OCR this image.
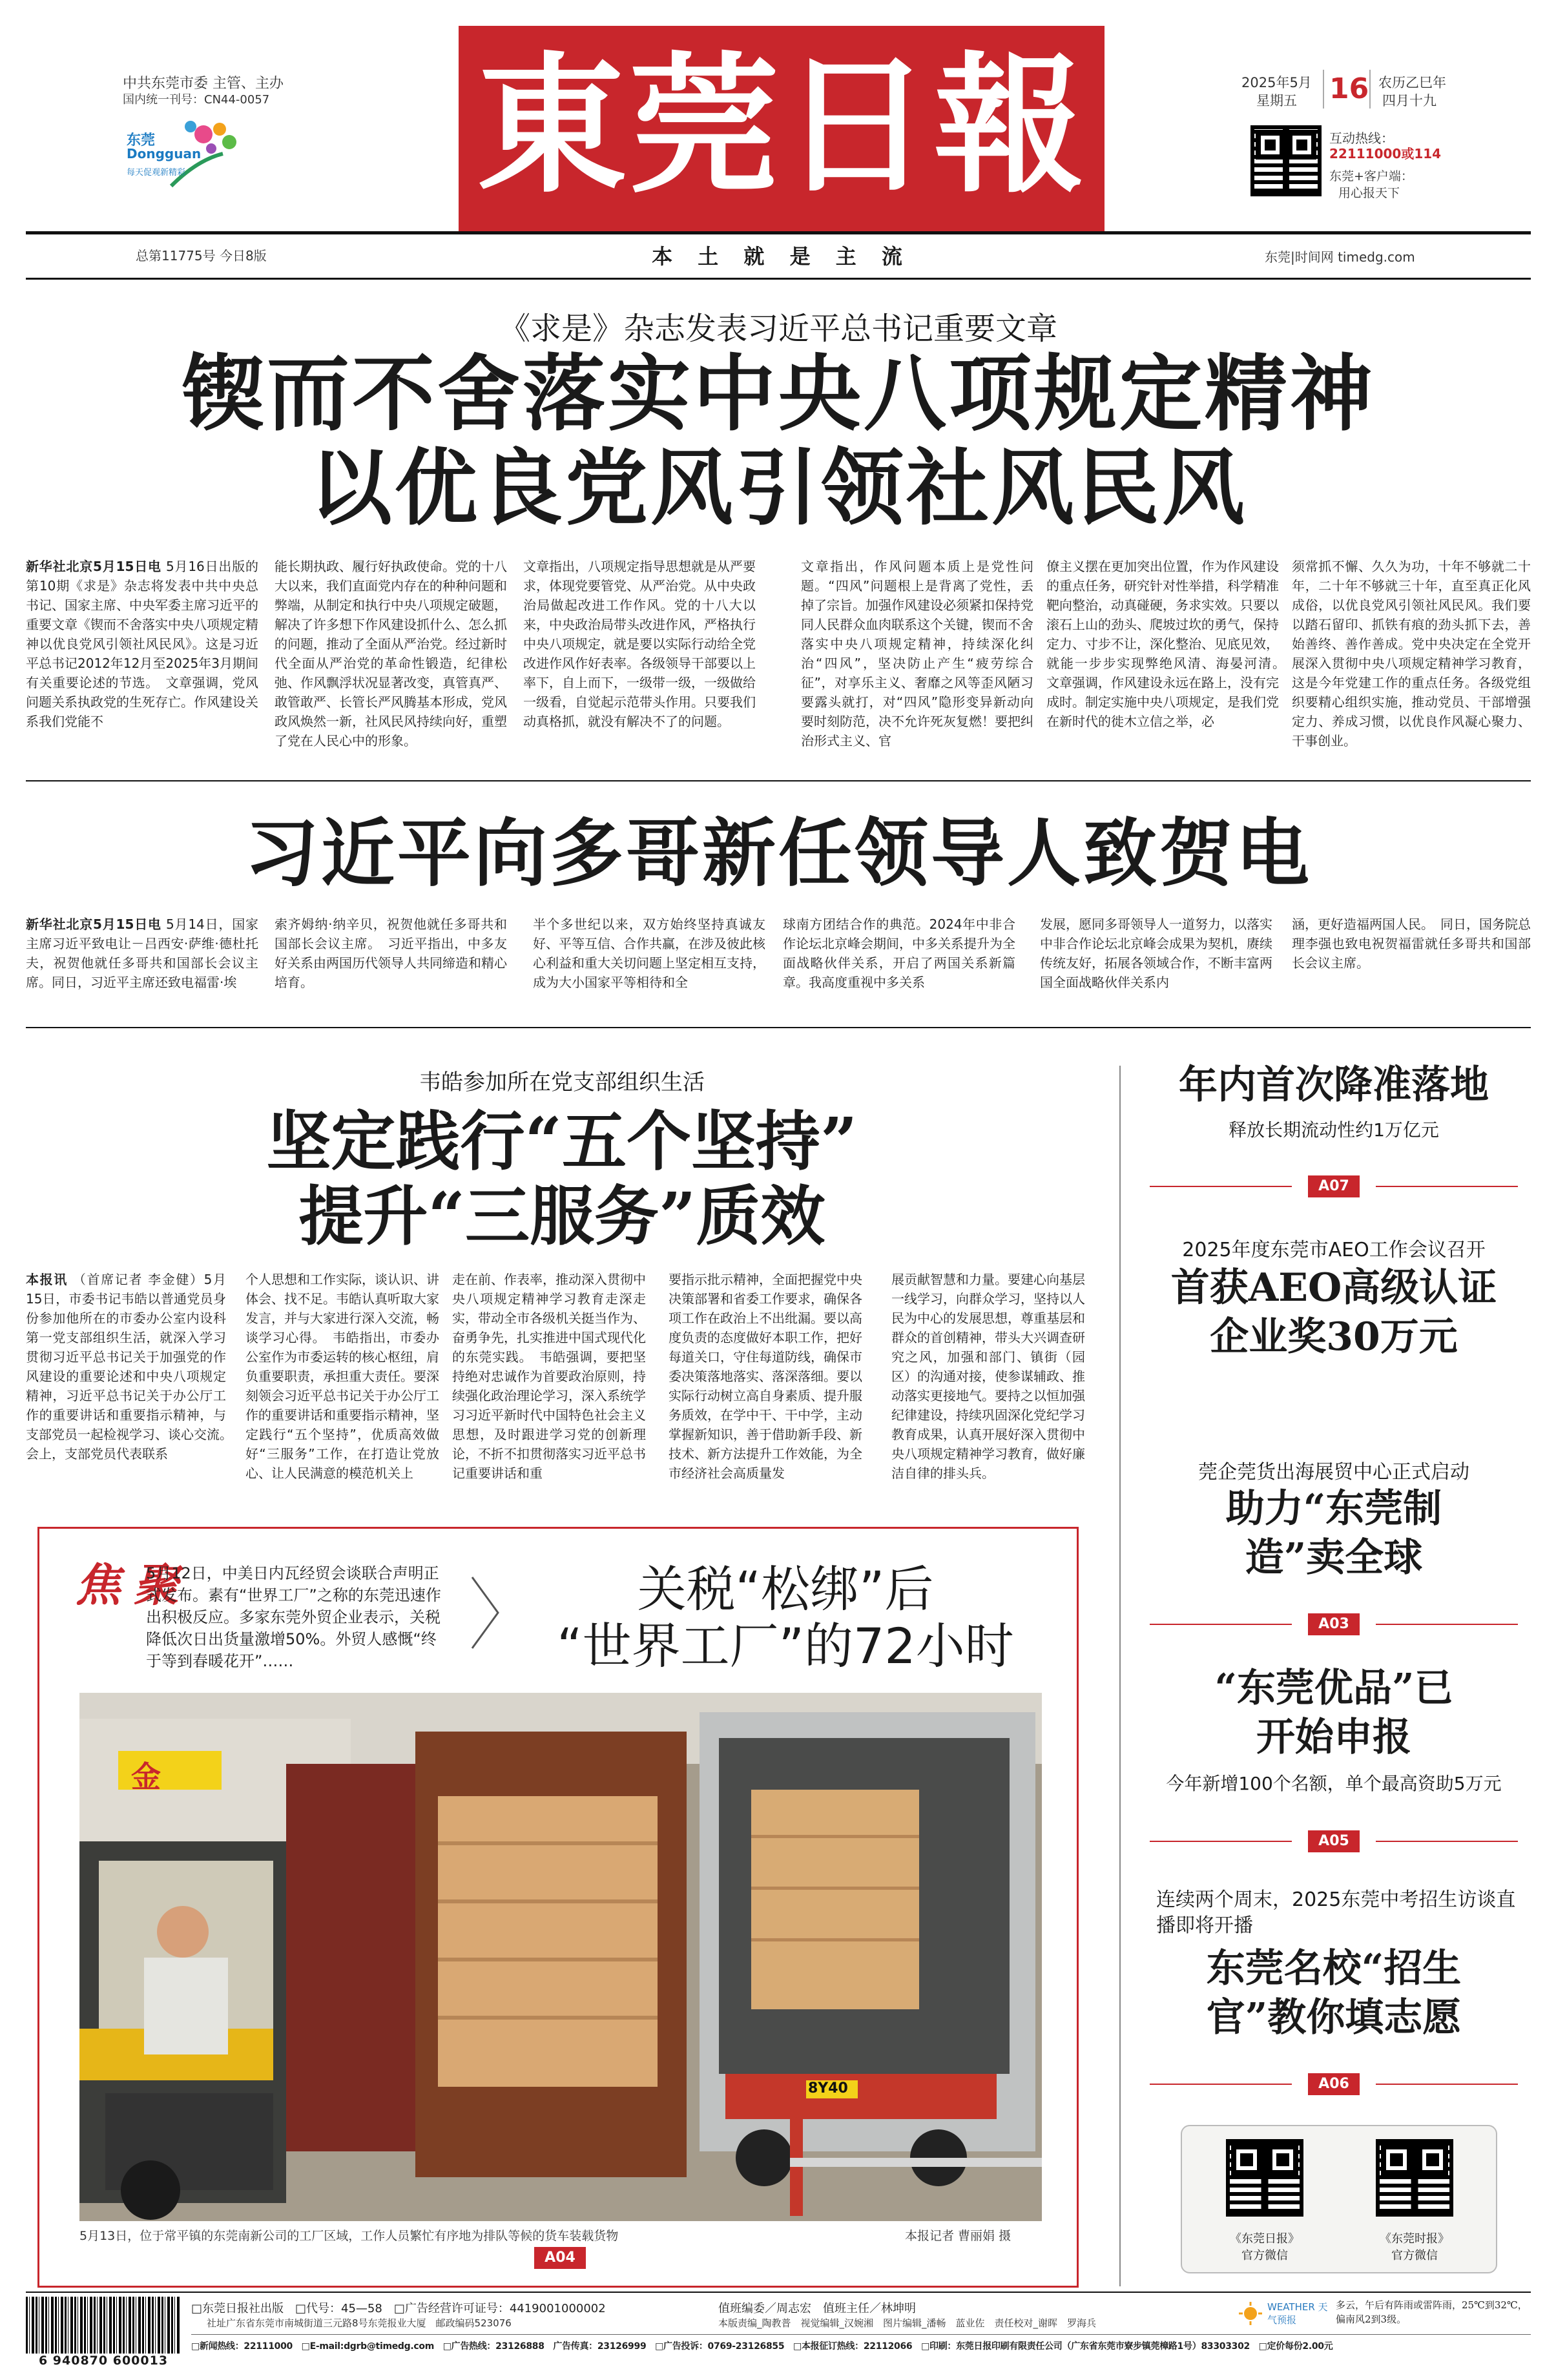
中共东莞市委 主管、主办
国内统一刊号：CN44-0057
东莞
Dongguan
每天促观新精彩 東莞日報	2025年5月
星期五 16 农历乙巳年
四月十九
互动热线：
22111000或114
东莞+客户端：
用心报天下
总第11775号 今日8版	本 土 就 是 主 流	东莞|时间网 timedg.com
《求是》杂志发表习近平总书记重要文章
锲而不舍落实中央八项规定精神
以优良党风引领社风民风
新华社北京5月15日电 5月16日出版的第10期《求是》杂志将发表中共中央总书记、国家主席、中央军委主席习近平的重要文章《锲而不舍落实中央八项规定精神以优良党风引领社风民风》。这是习近平总书记2012年12月至2025年3月期间有关重要论述的节选。　文章强调，党风问题关系执政党的生死存亡。作风建设关系我们党能不
能长期执政、履行好执政使命。党的十八大以来，我们直面党内存在的种种问题和弊端，从制定和执行中央八项规定破题，解决了许多想下作风建设抓什么、怎么抓的问题，推动了全面从严治党。经过新时代全面从严治党的革命性锻造，纪律松弛、作风飘浮状况显著改变，真管真严、敢管敢严、长管长严风腾基本形成，党风政风焕然一新，社风民风持续向好，重塑了党在人民心中的形象。
文章指出，八项规定指导思想就是从严要求，体现党要管党、从严治党。从中央政治局做起改进工作作风。党的十八大以来，中央政治局带头改进作风，严格执行中央八项规定，就是要以实际行动给全党改进作风作好表率。各级领导干部要以上率下，自上而下，一级带一级，一级做给一级看，自觉起示范带头作用。只要我们动真格抓，就没有解决不了的问题。
文章指出，作风问题本质上是党性问题。“四风”问题根上是背离了党性，丢掉了宗旨。加强作风建设必须紧扣保持党同人民群众血肉联系这个关键，锲而不舍落实中央八项规定精神，持续深化纠治“四风”，坚决防止产生“疲劳综合征”，对享乐主义、奢靡之风等歪风陋习要露头就打，对“四风”隐形变异新动向要时刻防范，决不允许死灰复燃！要把纠治形式主义、官
僚主义摆在更加突出位置，作为作风建设的重点任务，研究针对性举措，科学精准靶向整治，动真碰硬，务求实效。只要以滚石上山的劲头、爬坡过坎的勇气，保持定力、寸步不让，深化整治、见底见效，就能一步步实现弊绝风清、海晏河清。　文章强调，作风建设永远在路上，没有完成时。制定实施中央八项规定，是我们党在新时代的徙木立信之举，必
须常抓不懈、久久为功，十年不够就二十年，二十年不够就三十年，直至真正化风成俗，以优良党风引领社风民风。我们要以踏石留印、抓铁有痕的劲头抓下去，善始善终、善作善成。党中央决定在全党开展深入贯彻中央八项规定精神学习教育，这是今年党建工作的重点任务。各级党组织要精心组织实施，推动党员、干部增强定力、养成习惯，以优良作风凝心聚力、干事创业。
习近平向多哥新任领导人致贺电
新华社北京5月15日电 5月14日，国家主席习近平致电让－吕西安·萨维·德杜托夫，祝贺他就任多哥共和国部长会议主席。同日，习近平主席还致电福雷·埃
索齐姆纳·纳辛贝，祝贺他就任多哥共和国部长会议主席。　习近平指出，中多友好关系由两国历代领导人共同缔造和精心培育。
半个多世纪以来，双方始终坚持真诚友好、平等互信、合作共赢，在涉及彼此核心利益和重大关切问题上坚定相互支持，成为大小国家平等相待和全
球南方团结合作的典范。2024年中非合作论坛北京峰会期间，中多关系提升为全面战略伙伴关系，开启了两国关系新篇章。我高度重视中多关系
发展，愿同多哥领导人一道努力，以落实中非合作论坛北京峰会成果为契机，赓续传统友好，拓展各领域合作，不断丰富两国全面战略伙伴关系内
涵，更好造福两国人民。　同日，国务院总理李强也致电祝贺福雷就任多哥共和国部长会议主席。
韦皓参加所在党支部组织生活
坚定践行“五个坚持”
提升“三服务”质效
本报讯 （首席记者 李金健）5月15日，市委书记韦皓以普通党员身份参加他所在的市委办公室内设科第一党支部组织生活，就深入学习贯彻习近平总书记关于加强党的作风建设的重要论述和中央八项规定精神，习近平总书记关于办公厅工作的重要讲话和重要指示精神，与支部党员一起检视学习、谈心交流。　会上，支部党员代表联系
个人思想和工作实际，谈认识、讲体会、找不足。韦皓认真听取大家发言，并与大家进行深入交流，畅谈学习心得。　韦皓指出，市委办公室作为市委运转的核心枢纽，肩负重要职责，承担重大责任。要深刻领会习近平总书记关于办公厅工作的重要讲话和重要指示精神，坚定践行“五个坚持”，优质高效做好“三服务”工作，在打造让党放心、让人民满意的模范机关上
走在前、作表率，推动深入贯彻中央八项规定精神学习教育走深走实，带动全市各级机关挺当作为、奋勇争先，扎实推进中国式现代化的东莞实践。　韦皓强调，要把坚持绝对忠诚作为首要政治原则，持续强化政治理论学习，深入系统学习习近平新时代中国特色社会主义思想，及时跟进学习党的创新理论，不折不扣贯彻落实习近平总书记重要讲话和重
要指示批示精神，全面把握党中央决策部署和省委工作要求，确保各项工作在政治上不出纰漏。要以高度负责的态度做好本职工作，把好每道关口，守住每道防线，确保市委决策落地落实、落深落细。要以实际行动树立高自身素质、提升服务质效，在学中干、干中学，主动掌握新知识，善于借助新手段、新技术、新方法提升工作效能，为全市经济社会高质量发
展贡献智慧和力量。要建心向基层一线学习，向群众学习，坚持以人民为中心的发展思想，尊重基层和群众的首创精神，带头大兴调查研究之风，加强和部门、镇街（园区）的沟通对接，使参谋辅政、推动落实更接地气。要持之以恒加强纪律建设，持续巩固深化党纪学习教育成果，认真开展好深入贯彻中央八项规定精神学习教育，做好廉洁自律的排头兵。
聚焦	5月12日，中美日内瓦经贸会谈联合声明正式发布。素有“世界工厂”之称的东莞迅速作出积极反应。多家东莞外贸企业表示，关税降低次日出货量激增50%。外贸人感慨“终于等到春暖花开”……
关税“松绑”后
“世界工厂”的72小时
金
8Y40
5月13日，位于常平镇的东莞南新公司的工厂区域，工作人员繁忙有序地为排队等候的货车装载货物	本报记者 曹丽娟 摄
A04
年内首次降准落地
释放长期流动性约1万亿元
A07
2025年度东莞市AEO工作会议召开
首获AEO高级认证企业奖30万元
莞企莞货出海展贸中心正式启动
助力“东莞制造”卖全球
A03
“东莞优品”已开始申报
今年新增100个名额，单个最高资助5万元
A05
连续两个周末，2025东莞中考招生访谈直播即将开播
东莞名校“招生官”教你填志愿
A06
《东莞日报》
官方微信
《东莞时报》
官方微信
6 940870 600013
□东莞日报社出版　□代号：45—58　□广告经营许可证号：4419001000002	值班编委／周志宏　值班主任／林坤明
社址广东省东莞市南城街道三元路8号东莞报业大厦　邮政编码523076	本版责编_陶教普　视觉编辑_汉婉湘　图片编辑_潘畅　蓝业佐　责任校对_谢晖　罗海兵
WEATHER 天气预报
多云，午后有阵雨或雷阵雨，25℃到32℃，偏南风2到3级。
□新闻热线：22111000　□E-mail:dgrb@timedg.com　□广告热线：23126888　广告传真：23126999　□广告投诉：0769-23126855　□本报征订热线：22112066　□印刷：东莞日报印刷有限责任公司（广东省东莞市寮步镇莞樟路1号）83303302　□定价每份2.00元
